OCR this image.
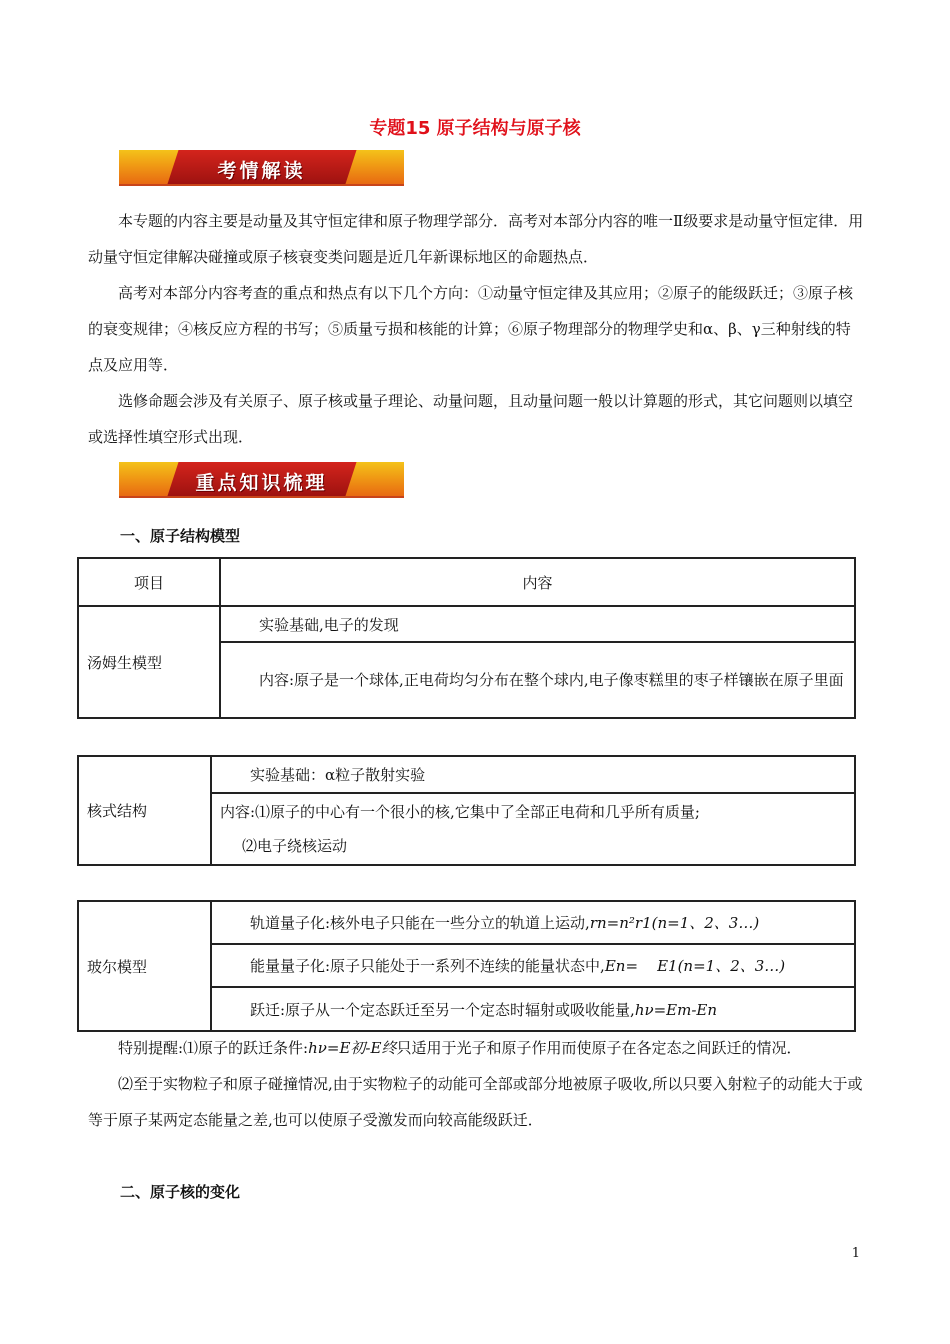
专题15 原子结构与原子核
考情解读

本专题的内容主要是动量及其守恒定律和原子物理学部分．高考对本部分内容的唯一Ⅱ级要求是动量守恒定律．用动量守恒定律解决碰撞或原子核衰变类问题是近几年新课标地区的命题热点．

高考对本部分内容考查的重点和热点有以下几个方向：①动量守恒定律及其应用；②原子的能级跃迁；③原子核的衰变规律；④核反应方程的书写；⑤质量亏损和核能的计算；⑥原子物理部分的物理学史和α、β、γ三种射线的特点及应用等．

选修命题会涉及有关原子、原子核或量子理论、动量问题，且动量问题一般以计算题的形式，其它问题则以填空或选择性填空形式出现．

重点知识梳理
一、原子结构模型
项目	内容
汤姆生模型	实验基础,电子的发现
	内容:原子是一个球体,正电荷均匀分布在整个球内,电子像枣糕里的枣子样镶嵌在原子里面
核式结构	实验基础：α粒子散射实验

内容:⑴原子的中心有一个很小的核,它集中了全部正电荷和几乎所有质量;
⑵电子绕核运动
玻尔模型	轨道量子化:核外电子只能在一些分立的轨道上运动,rn=n²r1(n=1、2、3…)
能量量子化:原子只能处于一系列不连续的能量状态中,En=    E1(n=1、2、3…)
跃迁:原子从一个定态跃迁至另一个定态时辐射或吸收能量,hν=Em-En

特别提醒:⑴原子的跃迁条件:hν=E初-E终只适用于光子和原子作用而使原子在各定态之间跃迁的情况．

⑵至于实物粒子和原子碰撞情况,由于实物粒子的动能可全部或部分地被原子吸收,所以只要入射粒子的动能大于或等于原子某两定态能量之差,也可以使原子受激发而向较高能级跃迁．

二、原子核的变化
1
